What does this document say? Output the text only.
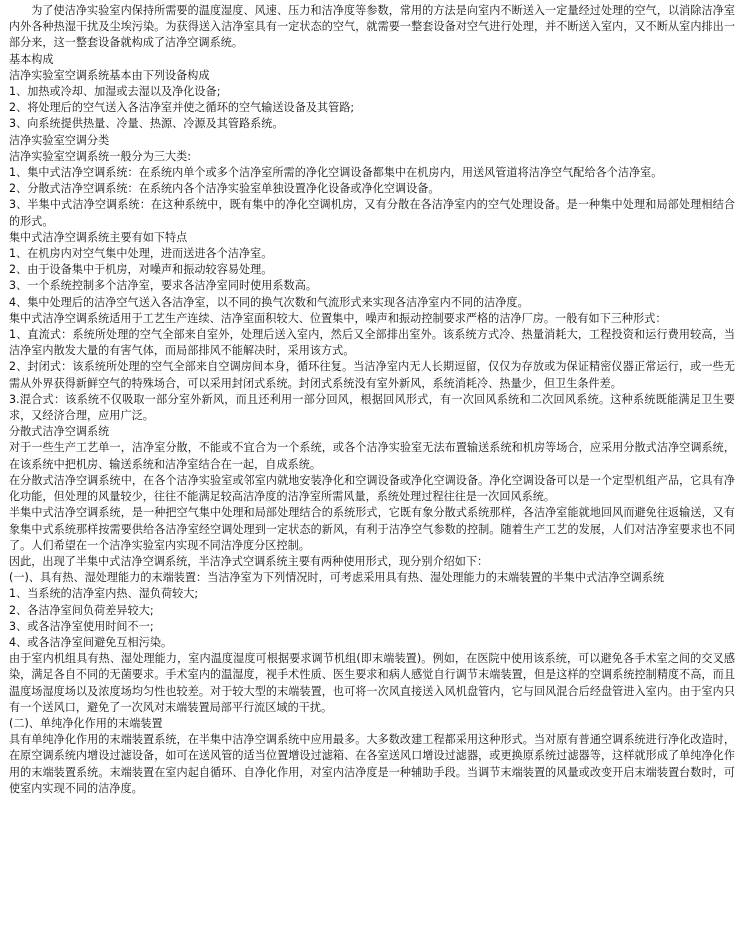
为了使洁净实验室内保持所需要的温度湿度、风速、压力和洁净度等参数，常用的方法是向室内不断送入一定量经过处理的空气，以消除洁净室内外各种热湿干扰及尘埃污染。为获得送入洁净室具有一定状态的空气，就需要一整套设备对空气进行处理，并不断送入室内，又不断从室内排出一部分来，这一整套设备就构成了洁净空调系统。

基本构成

洁净实验室空调系统基本由下列设备构成

1、加热或冷却、加湿或去湿以及净化设备;

2、将处理后的空气送入各洁净室并使之循环的空气输送设备及其管路;

3、向系统提供热量、冷量、热源、冷源及其管路系统。

洁净实验室空调分类

洁净实验室空调系统一般分为三大类:

1、集中式洁净空调系统：在系统内单个或多个洁净室所需的净化空调设备都集中在机房内，用送风管道将洁净空气配给各个洁净室。

2、分散式洁净空调系统：在系统内各个洁净实验室单独设置净化设备或净化空调设备。

3、半集中式洁净空调系统：在这种系统中，既有集中的净化空调机房，又有分散在各洁净室内的空气处理设备。是一种集中处理和局部处理相结合的形式。

集中式洁净空调系统主要有如下特点

1、在机房内对空气集中处理，进而送进各个洁净室。

2、由于设备集中于机房，对噪声和振动较容易处理。

3、一个系统控制多个洁净室，要求各洁净室同时使用系数高。

4、集中处理后的洁净空气送入各洁净室，以不同的换气次数和气流形式来实现各洁净室内不同的洁净度。

集中式洁净空调系统适用于工艺生产连续、洁净室面积较大、位置集中，噪声和振动控制要求严格的洁净厂房。一般有如下三种形式：

1、直流式：系统所处理的空气全部来自室外，处理后送入室内，然后又全部排出室外。该系统方式冷、热量消耗大，工程投资和运行费用较高，当洁净室内散发大量的有害气体，而局部排风不能解决时，采用该方式。

2、封闭式：该系统所处理的空气全部来自空调房间本身，循环往复。当洁净室内无人长期逗留，仅仅为存放或为保证精密仪器正常运行，或一些无需从外界获得新鲜空气的特殊场合，可以采用封闭式系统。封闭式系统没有室外新风，系统消耗冷、热量少，但卫生条件差。

3.混合式：该系统不仅吸取一部分室外新风，而且还利用一部分回风，根据回风形式，有一次回风系统和二次回风系统。这种系统既能满足卫生要求，又经济合理，应用广泛。

分散式洁净空调系统

对于一些生产工艺单一，洁净室分散，不能或不宜合为一个系统，或各个洁净实验室无法布置输送系统和机房等场合，应采用分散式洁净空调系统，在该系统中把机房、输送系统和洁净室结合在一起，自成系统。

在分散式洁净空调系统中，在各个洁净实验室或邻室内就地安装净化和空调设备或净化空调设备。净化空调设备可以是一个定型机组产品，它具有净化功能，但处理的风量较少，往往不能满足较高洁净度的洁净室所需风量，系统处理过程往往是一次回风系统。

半集中式洁净空调系统，是一种把空气集中处理和局部处理结合的系统形式，它既有象分散式系统那样，各洁净室能就地回风而避免往返输送，又有象集中式系统那样按需要供给各洁净室经空调处理到一定状态的新风，有利于洁净空气参数的控制。随着生产工艺的发展，人们对洁净室要求也不同了。人们希望在一个洁净实验室内实现不同洁净度分区控制。

因此，出现了半集中式洁净空调系统，半洁净式空调系统主要有两种使用形式，现分别介绍如下：

(一)、具有热、湿处理能力的末端装置：当洁净室为下列情况时，可考虑采用具有热、湿处理能力的末端装置的半集中式洁净空调系统

1、当系统的洁净室内热、湿负荷较大;

2、各洁净室间负荷差异较大;

3、或各洁净室使用时间不一;

4、或各洁净室间避免互相污染。

由于室内机组具有热、湿处理能力，室内温度湿度可根据要求调节机组(即末端装置)。例如，在医院中使用该系统，可以避免各手术室之间的交叉感染，满足各自不同的无菌要求。手术室内的温湿度，视手术性质、医生要求和病人感觉自行调节末端装置，但是这样的空调系统控制精度不高，而且温度场湿度场以及浓度场均匀性也较差。对于较大型的末端装置，也可将一次风直接送入风机盘管内，它与回风混合后经盘管进入室内。由于室内只有一个送风口，避免了一次风对末端装置局部平行流区域的干扰。

(二)、单纯净化作用的末端装置

具有单纯净化作用的末端装置系统，在半集中洁净空调系统中应用最多。大多数改建工程都采用这种形式。当对原有普通空调系统进行净化改造时，在原空调系统内增设过滤设备，如可在送风管的适当位置增设过滤箱、在各室送风口增设过滤器，或更换原系统过滤器等，这样就形成了单纯净化作用的末端装置系统。末端装置在室内起自循环、自净化作用，对室内洁净度是一种辅助手段。当调节末端装置的风量或改变开启末端装置台数时，可使室内实现不同的洁净度。
